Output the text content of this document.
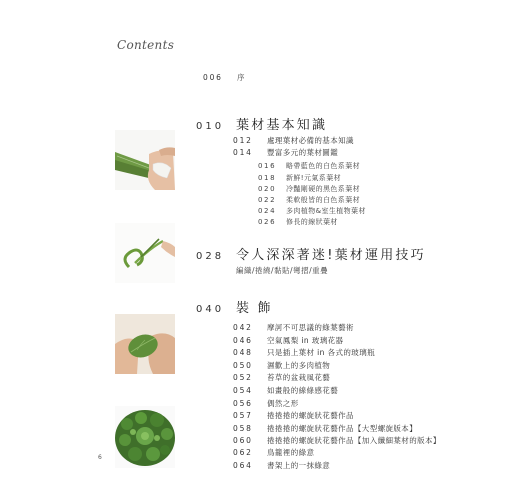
Contents
006	序
010 葉材基本知識
012	處理葉材必備的基本知識
014	豐富多元的葉材圖鑑
016	略帶藍色的白色系葉材
018	新鮮!元氣系葉材
020	冷豔剛硬的黑色系葉材
022	柔軟般皆的白色系葉材
024	多肉植物&室生植物葉材
026	修長的線狀葉材
028 令人深深著迷!葉材運用技巧
編織/捲繞/黏貼/彎摺/重疊
040 裝 飾
042	摩訶不可思議的綠葉藝術
046	空氣鳳梨 in 玻璃花器
048	只是插上葉材 in 各式的玻璃瓶
050	濕歡上的多肉植物
052	苔草的盆栽風花藝
054	如畫般的線條感花藝
056	偶然之形
057	捲捲捲的螺旋狀花藝作品
058	捲捲捲的螺旋狀花藝作品【大型螺旋版本】
060	捲捲捲的螺旋狀花藝作品【加入纖細葉材的版本】
062	鳥籠裡的綠意
064	書架上的一抹綠意
6
